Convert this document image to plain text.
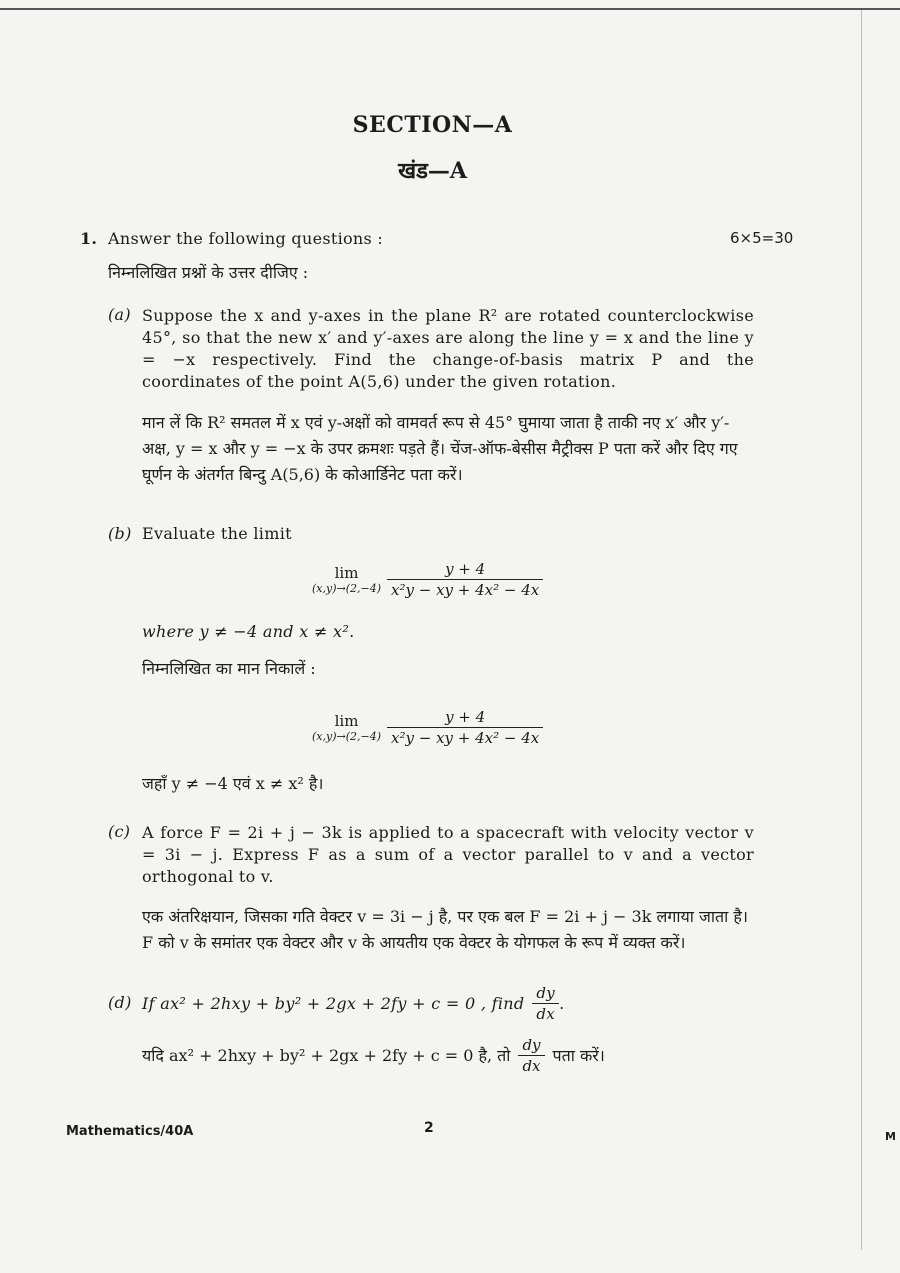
SECTION—A
खंड—A
1. Answer the following questions :	6×5=30
निम्नलिखित प्रश्नों के उत्तर दीजिए :
(a) Suppose the x and y-axes in the plane R² are rotated counterclockwise 45°, so that the new x′ and y′-axes are along the line y = x and the line y = −x respectively. Find the change-of-basis matrix P and the coordinates of the point A(5,6) under the given rotation.
मान लें कि R² समतल में x एवं y-अक्षों को वामवर्त रूप से 45° घुमाया जाता है ताकी नए x′ और y′-अक्ष, y = x और y = −x के उपर क्रमशः पड़ते हैं। चेंज-ऑफ-बेसीस मैट्रीक्स P पता करें और दिए गए घूर्णन के अंतर्गत बिन्दु A(5,6) के कोआर्डिनेट पता करें।
(b) Evaluate the limit
lim
$(x,y)\to(2,-4) \frac{y + 4}{\text{x²y − xy + 4x² − 4x}}$
where y ≠ −4 and x ≠ x².
निम्नलिखित का मान निकालें :
lim
$(x,y)\to(2,-4) \frac{y + 4}{\text{x²y − xy + 4x² − 4x}}$
जहाँ y ≠ −4 एवं x ≠ x² है।
(c) A force F = 2i + j − 3k is applied to a spacecraft with velocity vector v = 3i − j. Express F as a sum of a vector parallel to v and a vector orthogonal to v.
एक अंतरिक्षयान, जिसका गति वेक्टर v = 3i − j है, पर एक बल F = 2i + j − 3k लगाया जाता है। F को v के समांतर एक वेक्टर और v के आयतीय एक वेक्टर के योगफल के रूप में व्यक्त करें।
(d) If ax² + 2hxy + by² + 2gx + 2fy + c = 0 , find $\frac{dy}{dx}$ .
यदि ax² + 2hxy + by² + 2gx + 2fy + c = 0 है, तो $\frac{dy}{dx}$ पता करें।
Mathematics/40A	2
M
